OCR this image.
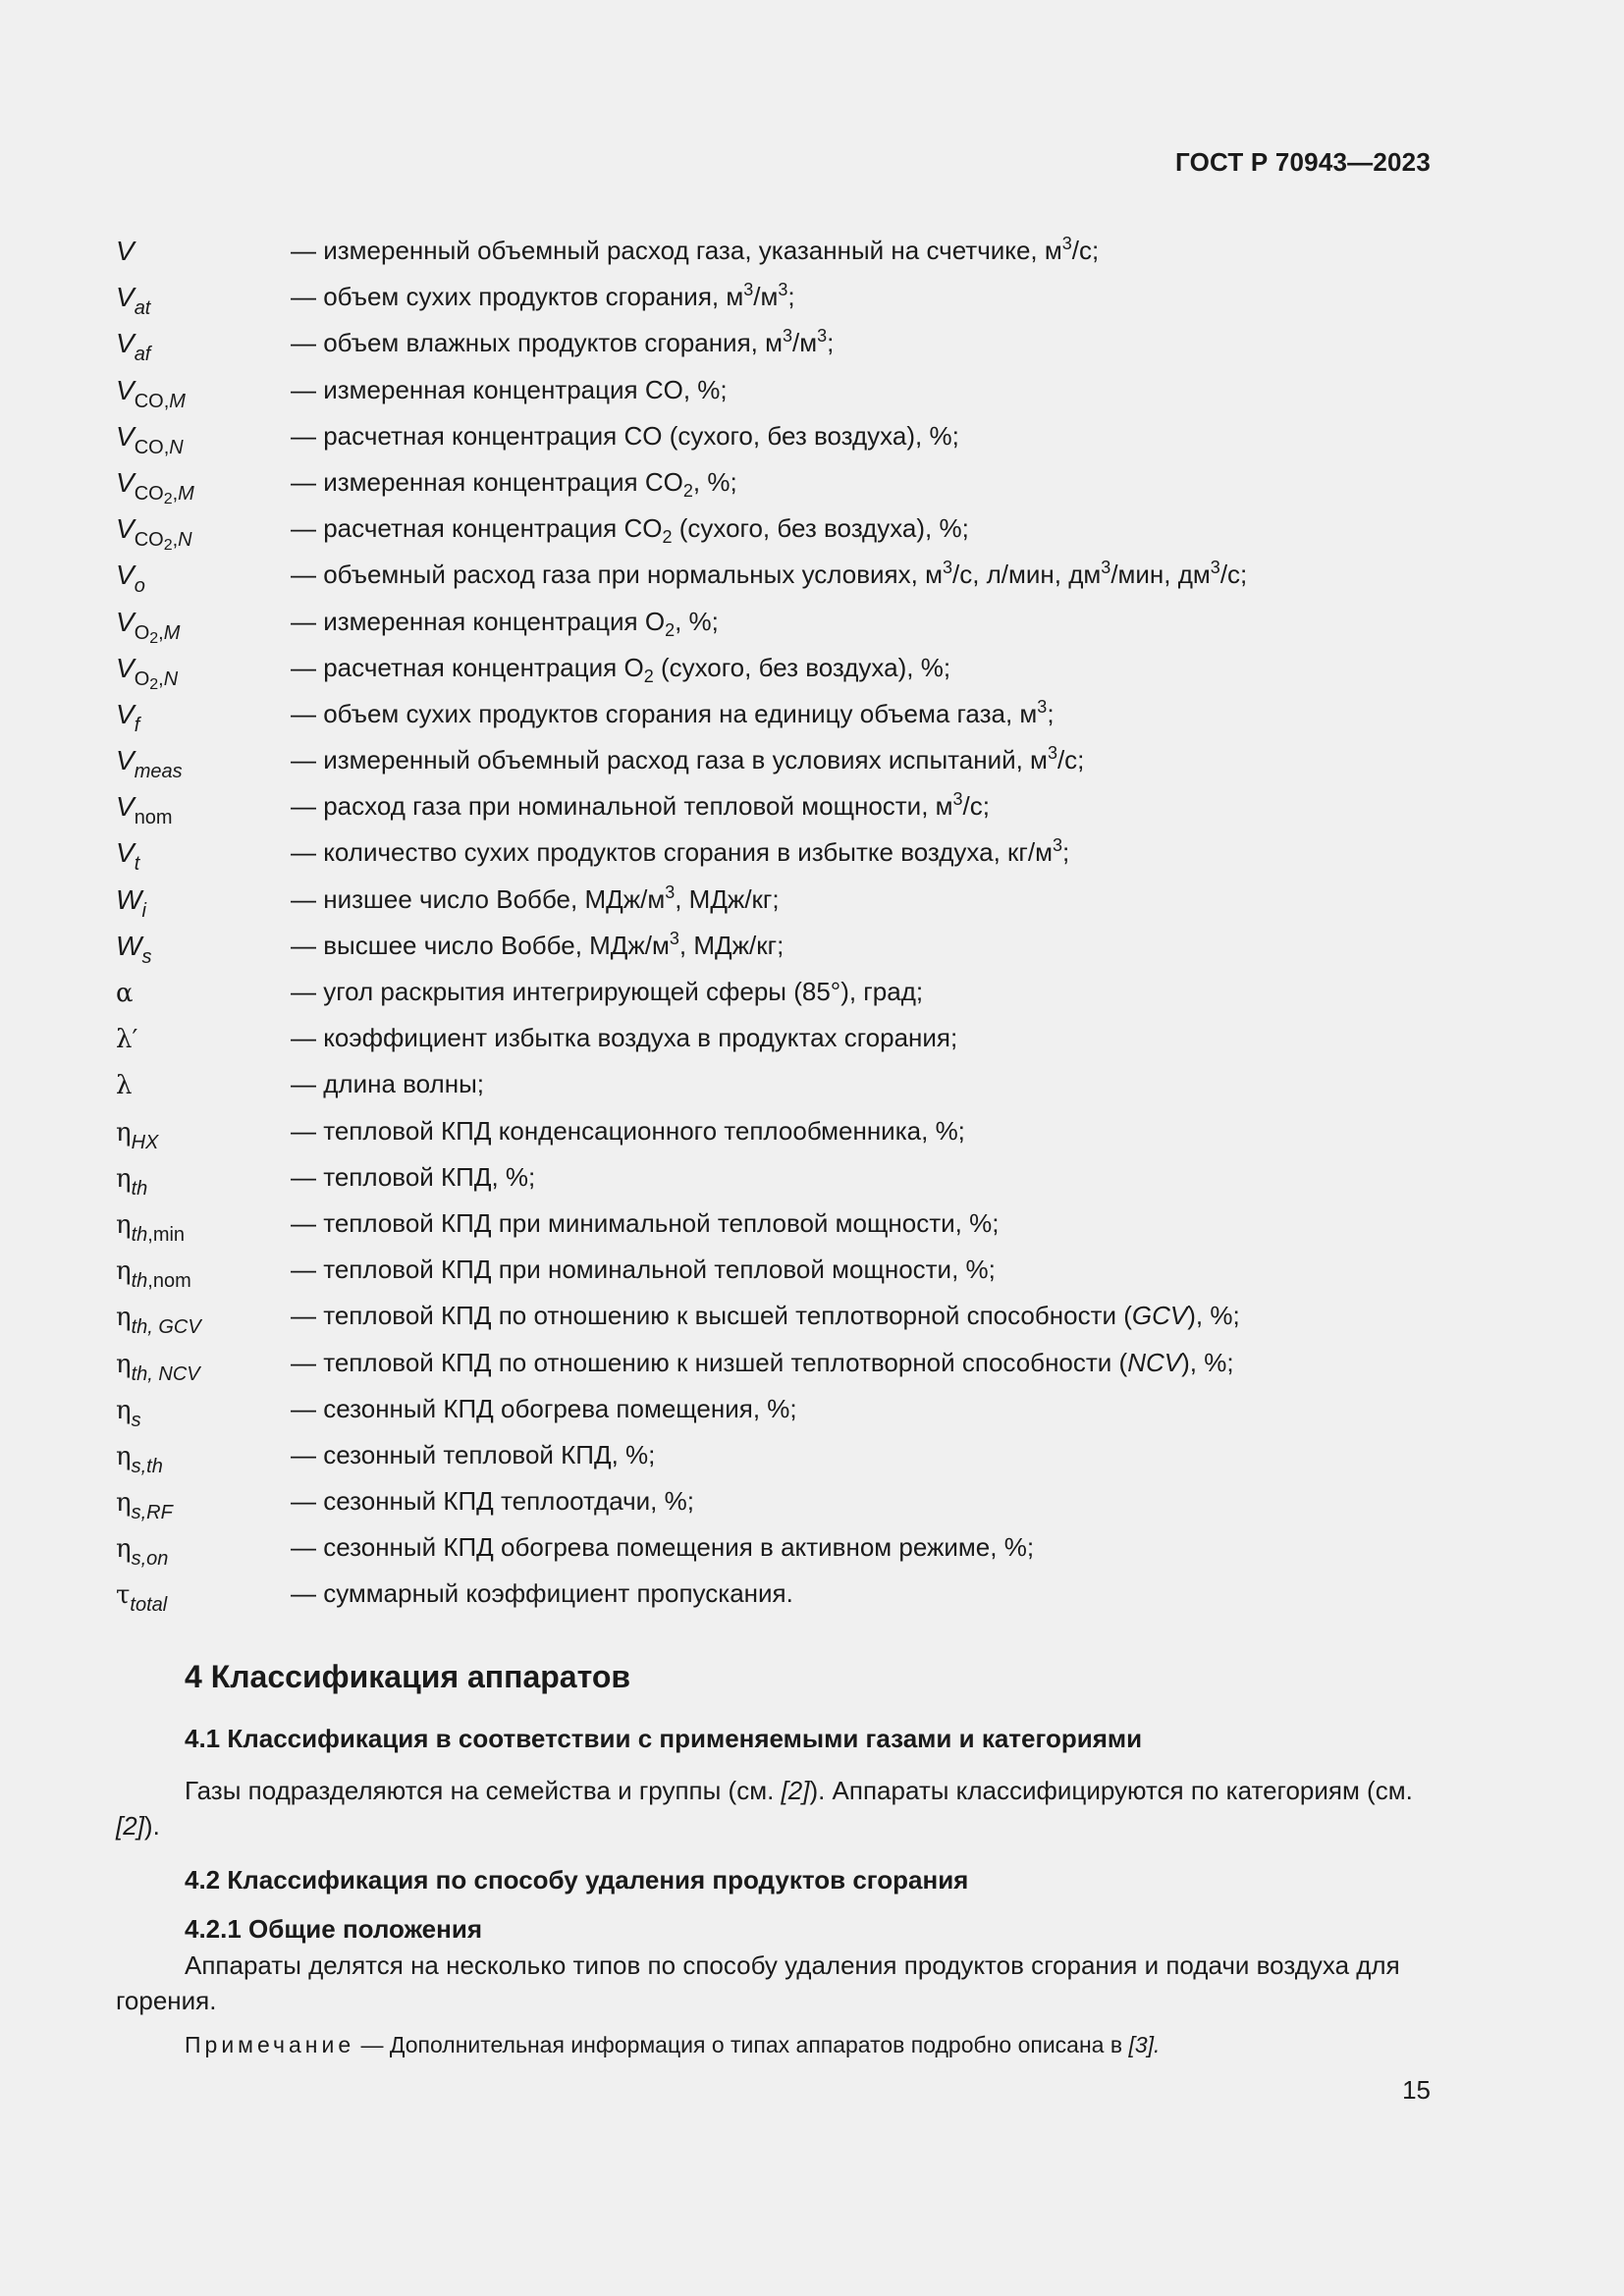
ГОСТ Р 70943—2023
V	— измеренный объемный расход газа, указанный на счетчике, $м^3/с$;
$V_{at}$	— объем сухих продуктов сгорания, $м^3/м^3$;
$V_{af}$	— объем влажных продуктов сгорания, $м^3/м^3$;
$V_{CO,M}$	— измеренная концентрация CO, %;
$V_{CO,N}$	— расчетная концентрация CO (сухого, без воздуха), %;
$V_{CO_2,M}$	— измеренная концентрация $CO_2$, %;
$V_{CO_2,N}$	— расчетная концентрация $CO_2$ (сухого, без воздуха), %;
$V_o$	— объемный расход газа при нормальных условиях, $м^3/с$, л/мин, $дм^3$/мин, $дм^3/с$;
$V_{O_2,M}$	— измеренная концентрация $O_2$, %;
$V_{O_2,N}$	— расчетная концентрация $O_2$ (сухого, без воздуха), %;
$V_f$	— объем сухих продуктов сгорания на единицу объема газа, $м^3$;
$V_{meas}$	— измеренный объемный расход газа в условиях испытаний, $м^3/с$;
$V_{nom}$	— расход газа при номинальной тепловой мощности, $м^3/с$;
$V_t$	— количество сухих продуктов сгорания в избытке воздуха, $кг/м^3$;
$W_i$	— низшее число Воббе, МДж/$м^3$, МДж/кг;
$W_s$	— высшее число Воббе, МДж/$м^3$, МДж/кг;
α	— угол раскрытия интегрирующей сферы (85°), град;
λ′	— коэффициент избытка воздуха в продуктах сгорания;
λ	— длина волны;
$\eta_{HX}$	— тепловой КПД конденсационного теплообменника, %;
$\eta_{th}$	— тепловой КПД, %;
$\eta_{th,min}$	— тепловой КПД при минимальной тепловой мощности, %;
$\eta_{th,nom}$	— тепловой КПД при номинальной тепловой мощности, %;
$\eta_{th, GCV}$	— тепловой КПД по отношению к высшей теплотворной способности (GCV), %;
$\eta_{th, NCV}$	— тепловой КПД по отношению к низшей теплотворной способности (NCV), %;
$\eta_s$	— сезонный КПД обогрева помещения, %;
$\eta_{s,th}$	— сезонный тепловой КПД, %;
$\eta_{s,RF}$	— сезонный КПД теплоотдачи, %;
$\eta_{s,on}$	— сезонный КПД обогрева помещения в активном режиме, %;
$\tau_{total}$	— суммарный коэффициент пропускания.
4 Классификация аппаратов
4.1 Классификация в соответствии с применяемыми газами и категориями
Газы подразделяются на семейства и группы (см. [2]). Аппараты классифицируются по категориям (см. [2]).
4.2 Классификация по способу удаления продуктов сгорания
4.2.1 Общие положения
Аппараты делятся на несколько типов по способу удаления продуктов сгорания и подачи воздуха для горения.
Примечание — Дополнительная информация о типах аппаратов подробно описана в [3].
15
